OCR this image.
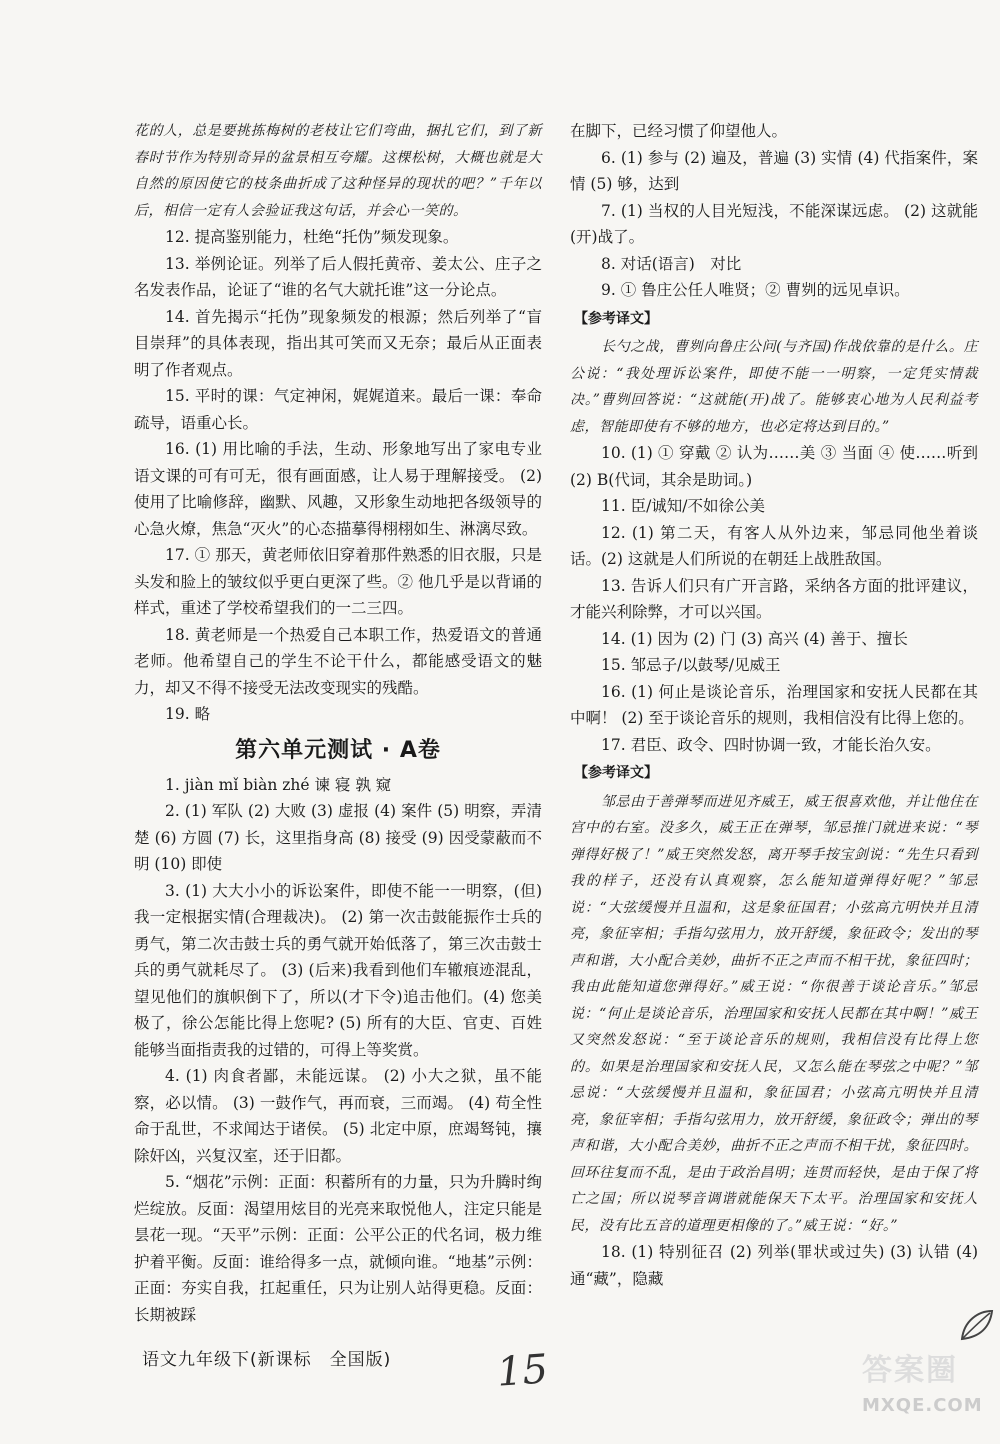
花的人，总是要挑拣梅树的老枝让它们弯曲，捆扎它们，到了新春时节作为特别奇异的盆景相互夸耀。这棵松树，大概也就是大自然的原因使它的枝条曲折成了这种怪异的现状的吧？”千年以后，相信一定有人会验证我这句话，并会心一笑的。

12. 提高鉴别能力，杜绝“托伪”频发现象。

13. 举例论证。列举了后人假托黄帝、姜太公、庄子之名发表作品，论证了“谁的名气大就托谁”这一分论点。

14. 首先揭示“托伪”现象频发的根源；然后列举了“盲目崇拜”的具体表现，指出其可笑而又无奈；最后从正面表明了作者观点。

15. 平时的课：气定神闲，娓娓道来。最后一课：奉命疏导，语重心长。

16. (1) 用比喻的手法，生动、形象地写出了家电专业语文课的可有可无，很有画面感，让人易于理解接受。 (2) 使用了比喻修辞，幽默、风趣，又形象生动地把各级领导的心急火燎，焦急“灭火”的心态描摹得栩栩如生、淋漓尽致。

17. ① 那天，黄老师依旧穿着那件熟悉的旧衣服，只是头发和脸上的皱纹似乎更白更深了些。② 他几乎是以背诵的样式，重述了学校希望我们的一二三四。

18. 黄老师是一个热爱自己本职工作，热爱语文的普通老师。他希望自己的学生不论干什么，都能感受语文的魅力，却又不得不接受无法改变现实的残酷。

19. 略

第六单元测试 · A卷

1. jiàn mǐ biàn zhé 谏 寝 孰 窥

2. (1) 军队 (2) 大败 (3) 虚报 (4) 案件 (5) 明察，弄清楚 (6) 方圆 (7) 长，这里指身高 (8) 接受 (9) 因受蒙蔽而不明 (10) 即使

3. (1) 大大小小的诉讼案件，即使不能一一明察，(但) 我一定根据实情(合理裁决)。 (2) 第一次击鼓能振作士兵的勇气，第二次击鼓士兵的勇气就开始低落了，第三次击鼓士兵的勇气就耗尽了。 (3) (后来)我看到他们车辙痕迹混乱，望见他们的旗帜倒下了，所以(才下令)追击他们。(4) 您美极了，徐公怎能比得上您呢? (5) 所有的大臣、官吏、百姓能够当面指责我的过错的，可得上等奖赏。

4. (1) 肉食者鄙，未能远谋。 (2) 小大之狱，虽不能察，必以情。 (3) 一鼓作气，再而衰，三而竭。 (4) 苟全性命于乱世，不求闻达于诸侯。 (5) 北定中原，庶竭驽钝，攘除奸凶，兴复汉室，还于旧都。

5. “烟花”示例：正面：积蓄所有的力量，只为升腾时绚烂绽放。反面：渴望用炫目的光亮来取悦他人，注定只能是昙花一现。“天平”示例：正面：公平公正的代名词，极力维护着平衡。反面：谁给得多一点，就倾向谁。“地基”示例：正面：夯实自我，扛起重任，只为让别人站得更稳。反面：长期被踩

在脚下，已经习惯了仰望他人。

6. (1) 参与 (2) 遍及，普遍 (3) 实情 (4) 代指案件，案情 (5) 够，达到

7. (1) 当权的人目光短浅，不能深谋远虑。 (2) 这就能(开)战了。

8. 对话(语言)　对比

9. ① 鲁庄公任人唯贤；② 曹刿的远见卓识。

【参考译文】

长勺之战，曹刿向鲁庄公问(与齐国)作战依靠的是什么。庄公说：“我处理诉讼案件，即使不能一一明察，一定凭实情裁决。”曹刿回答说：“这就能(开)战了。能够衷心地为人民利益考虑，智能即使有不够的地方，也必定将达到目的。”

10. (1) ① 穿戴 ② 认为……美 ③ 当面 ④ 使……听到 (2) B(代词，其余是助词。)

11. 臣/诚知/不如徐公美

12. (1) 第二天，有客人从外边来，邹忌同他坐着谈话。(2) 这就是人们所说的在朝廷上战胜敌国。

13. 告诉人们只有广开言路，采纳各方面的批评建议，才能兴利除弊，才可以兴国。

14. (1) 因为 (2) 门 (3) 高兴 (4) 善于、擅长

15. 邹忌子/以鼓琴/见威王

16. (1) 何止是谈论音乐，治理国家和安抚人民都在其中啊！ (2) 至于谈论音乐的规则，我相信没有比得上您的。

17. 君臣、政令、四时协调一致，才能长治久安。

【参考译文】

邹忌由于善弹琴而进见齐威王，威王很喜欢他，并让他住在宫中的右室。没多久，威王正在弹琴，邹忌推门就进来说：“琴弹得好极了！”威王突然发怒，离开琴手按宝剑说：“先生只看到我的样子，还没有认真观察，怎么能知道弹得好呢？”邹忌说：“大弦缓慢并且温和，这是象征国君；小弦高亢明快并且清亮，象征宰相；手指勾弦用力，放开舒缓，象征政令；发出的琴声和谐，大小配合美妙，曲折不正之声而不相干扰，象征四时；我由此能知道您弹得好。”威王说：“你很善于谈论音乐。”邹忌说：“何止是谈论音乐，治理国家和安抚人民都在其中啊！”威王又突然发怒说：“至于谈论音乐的规则，我相信没有比得上您的。如果是治理国家和安抚人民，又怎么能在琴弦之中呢？”邹忌说：“大弦缓慢并且温和，象征国君；小弦高亢明快并且清亮，象征宰相；手指勾弦用力，放开舒缓，象征政令；弹出的琴声和谐，大小配合美妙，曲折不正之声而不相干扰，象征四时。回环往复而不乱，是由于政治昌明；连贯而轻快，是由于保了将亡之国；所以说琴音调谐就能保天下太平。治理国家和安抚人民，没有比五音的道理更相像的了。”威王说：“好。”

18. (1) 特别征召 (2) 列举(罪状或过失) (3) 认错 (4) 通“藏”，隐藏

语文九年级下(新课标　全国版)	15	答案圈
MXQE.COM
